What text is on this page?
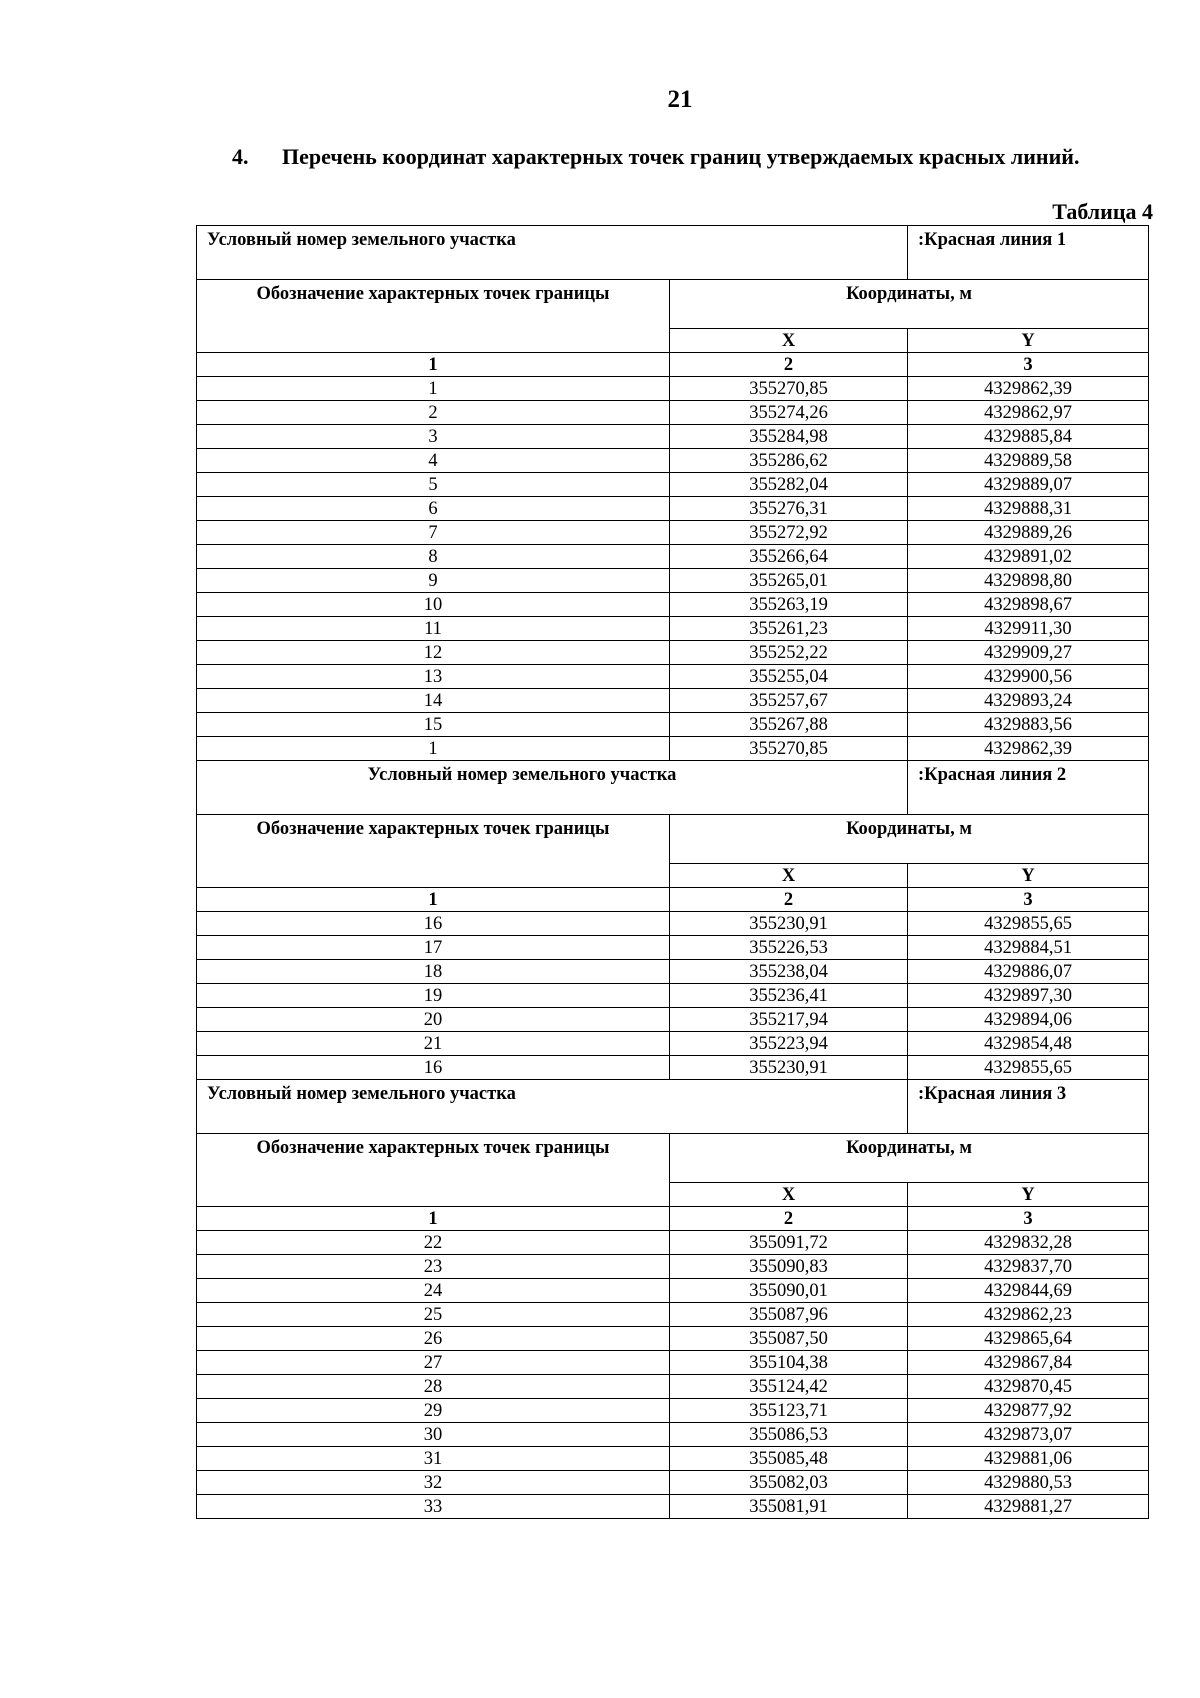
21
4. Перечень координат характерных точек границ утверждаемых красных линий.
Таблица 4
Условный номер земельного участка		:Красная линия 1
Обозначение характерных точек границы	Координаты, м	
	X	Y
1	2	3
1	355270,85	4329862,39
2	355274,26	4329862,97
3	355284,98	4329885,84
4	355286,62	4329889,58
5	355282,04	4329889,07
6	355276,31	4329888,31
7	355272,92	4329889,26
8	355266,64	4329891,02
9	355265,01	4329898,80
10	355263,19	4329898,67
11	355261,23	4329911,30
12	355252,22	4329909,27
13	355255,04	4329900,56
14	355257,67	4329893,24
15	355267,88	4329883,56
1	355270,85	4329862,39
Условный номер земельного участка		:Красная линия 2
Обозначение характерных точек границы	Координаты, м	
	X	Y
1	2	3
16	355230,91	4329855,65
17	355226,53	4329884,51
18	355238,04	4329886,07
19	355236,41	4329897,30
20	355217,94	4329894,06
21	355223,94	4329854,48
16	355230,91	4329855,65
Условный номер земельного участка		:Красная линия 3
Обозначение характерных точек границы	Координаты, м	
	X	Y
1	2	3
22	355091,72	4329832,28
23	355090,83	4329837,70
24	355090,01	4329844,69
25	355087,96	4329862,23
26	355087,50	4329865,64
27	355104,38	4329867,84
28	355124,42	4329870,45
29	355123,71	4329877,92
30	355086,53	4329873,07
31	355085,48	4329881,06
32	355082,03	4329880,53
33	355081,91	4329881,27
